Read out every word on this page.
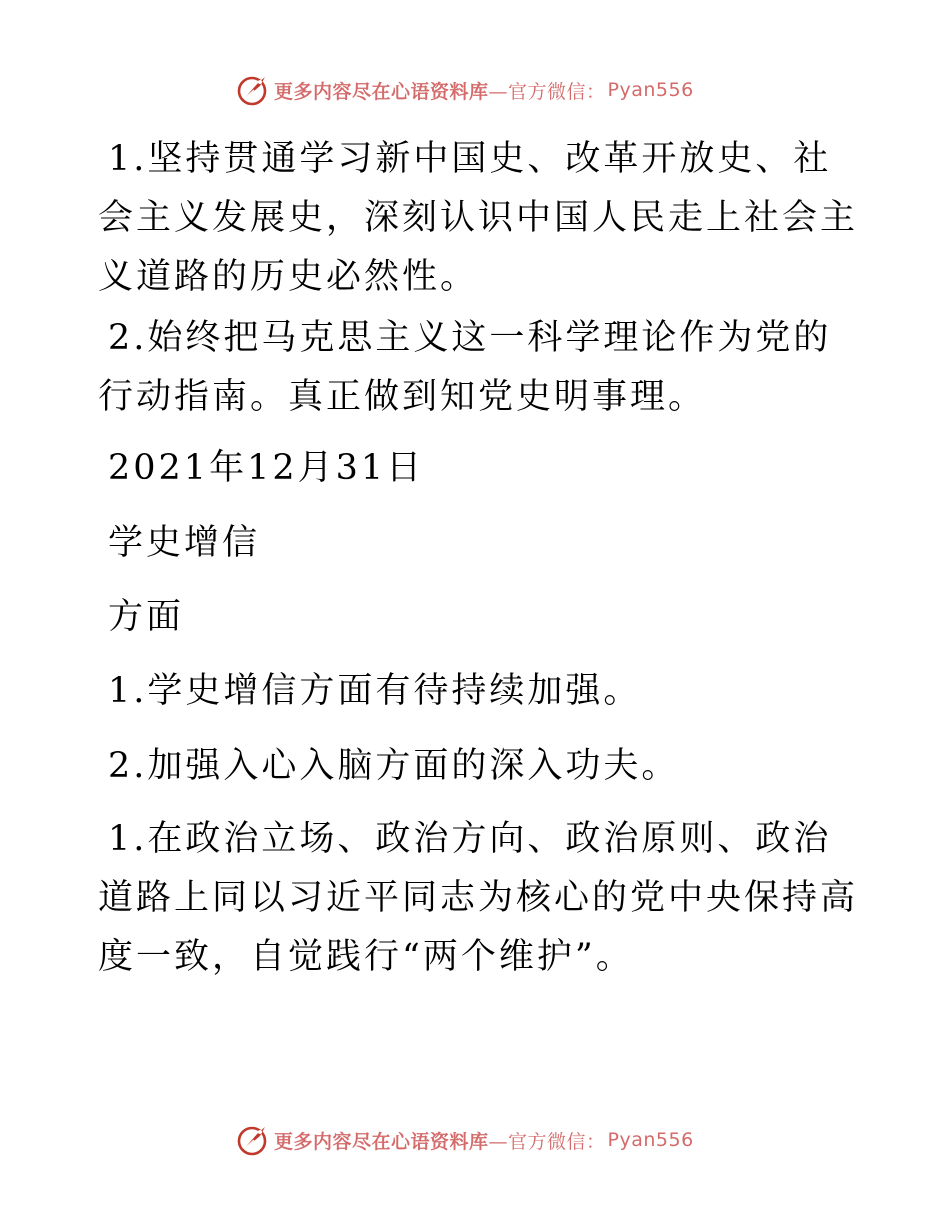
更多内容尽在心语资料库 —官方微信： Pyan556

1.坚持贯通学习新中国史、改革开放史、社会主义发展史，深刻认识中国人民走上社会主义道路的历史必然性。

2.始终把马克思主义这一科学理论作为党的行动指南。真正做到知党史明事理。

2021年12月31日

学史增信

方面

1.学史增信方面有待持续加强。

2.加强入心入脑方面的深入功夫。

1.在政治立场、政治方向、政治原则、政治道路上同以习近平同志为核心的党中央保持高度一致，自觉践行“两个维护”。

更多内容尽在心语资料库 —官方微信： Pyan556
